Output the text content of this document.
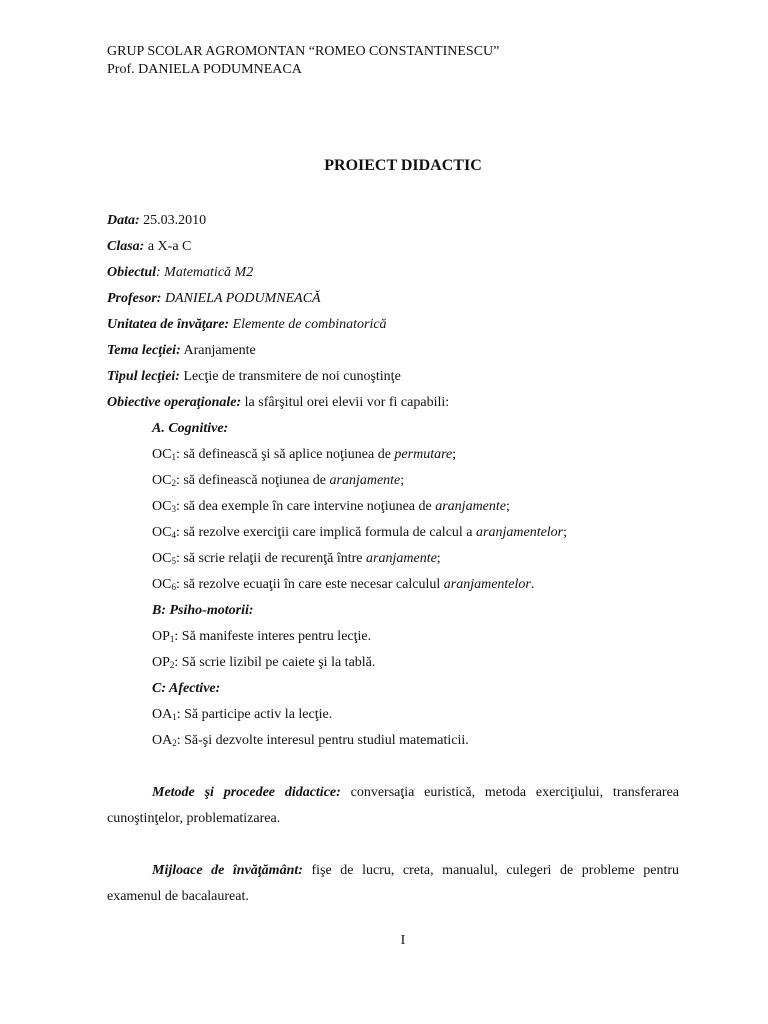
GRUP SCOLAR AGROMONTAN “ROMEO CONSTANTINESCU”
Prof. DANIELA PODUMNEACA
PROIECT DIDACTIC
Data: 25.03.2010
Clasa: a X-a C
Obiectul: Matematică M2
Profesor: DANIELA PODUMNEACĂ
Unitatea de învăţare: Elemente de combinatorică
Tema lecţiei: Aranjamente
Tipul lecţiei: Lecţie de transmitere de noi cunoştinţe
Obiective operaţionale: la sfârşitul orei elevii vor fi capabili:
A. Cognitive:
$OC_1$: să definească şi să aplice noţiunea de permutare;
$OC_2$: să definească noţiunea de aranjamente;
$OC_3$: să dea exemple în care intervine noţiunea de aranjamente;
$OC_4$: să rezolve exerciţii care implică formula de calcul a aranjamentelor;
$OC_5$: să scrie relaţii de recurenţă între aranjamente;
$OC_6$: să rezolve ecuaţii în care este necesar calculul aranjamentelor.
B: Psiho-motorii:
$OP_1$: Să manifeste interes pentru lecţie.
$OP_2$: Să scrie lizibil pe caiete şi la tablă.
C: Afective:
$OA_1$: Să participe activ la lecţie.
$OA_2$: Să-şi dezvolte interesul pentru studiul matematicii.
Metode şi procedee didactice: conversaţia euristică, metoda exerciţiului, transferarea cunoştinţelor, problematizarea.
Mijloace de învăţământ: fişe de lucru, creta, manualul, culegeri de probleme pentru examenul de bacalaureat.
I
